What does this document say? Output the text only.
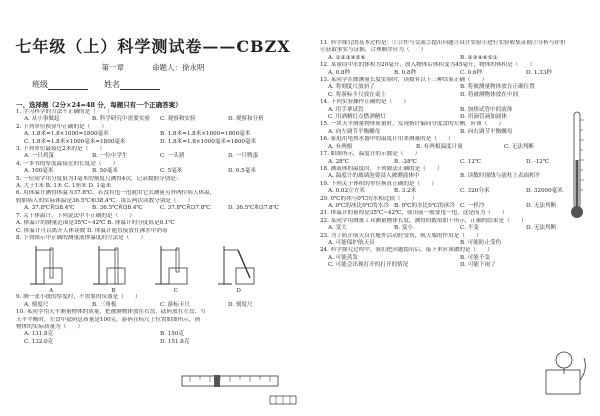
七年级（上）科学测试卷——CBZX
第一章	命题人：徐永明
班级	姓名
一、选择题（2分×24=48 分，每题只有一个正确答案）
1. 学习科学的方法不正确的是（　　）
A. 从小事做起	B. 科学研究中需要实验	C. 观察和实验	D. 观察和分析
2. 下列单位换算中正确的是（　　）
A. 1.8米=1.8×1000=1800毫米	B. 1.8米=1.8米×1000=1800毫米
C. 1.8米=1.8米×1000毫米=1800毫米	D. 1.8米=1.8×1000毫米=1800毫米
3. 下列单位最接近2米的是（　　）
A. 一只鸡蛋	B. 一位中学生	C. 一头猪	D. 一只鸭蛋
4. 一本书的厚度最接近的长度是（　　）
A. 100毫米	B. 50毫米	C. 5毫米	D. 0.5毫米
5. 一位同学用分度值为1毫米的刻度尺测得4次，记录数据分别是：
A. 大于1米 B. 1米 C. 1厘米 D. 1毫米
6. 用体温计测得体温为37.8℃，若没有甩一甩就用它去测量另外两位病人体温，
假如病人的实际体温是36.5℃和38.4℃，那么两次读数分别是（　　）
A. 37.8℃和38.4℃	B. 36.5℃和38.4℃	C. 37.8℃和37.8℃	D. 36.5℃和37.8℃
7. 关于体温计，下列说法中不正确的是（　　）
A. 体温计的测量范围是35℃~42℃ B. 体温计的分度值是0.1℃
C. 体温计可以离开人体读数 D. 体温计能直接放在沸水中消毒
8. 下列图示中正确的测量液体温度的方法是（　　）
A	B	C	D
9. 测一张小纸的厚度时，不需要的仪器是（　　）
A. 刻度尺	B. 三角板	C. 游标卡尺	D. 刻度尺
10. 某同学用天平测量物体的质量，把被测物体放在右盘，砝码放在左盘，当
天平平衡时，左盘中砝码总质量是100克，游码在标尺上位置如图所示，则
物体的实际质量为（　　）
A. 131.8克	B. 150克
C. 132.0克	D. 151.8克
11. 科学探究的基本过程是：①合作与交流②提出问题③设计实验④进行实验收集证据⑤分析与评价
⑥获取事实与证据，合理顺序应为（　　）
A. ①②③④⑤⑥	B. ②③④⑥⑤①
12. 某量筒中水的体积为20毫升，放入物体后体积变为45毫升，物体的体积是（　　）
A. 0.8秒	B. 0.8秒	C. 0.6秒	D. 1.33秒
13. 某同学在做测量长度实验时，读数有以下三种结果正确（　　）
A. 将刻度尺放斜了	B. 将被测量物体放在正确位置
C. 将游标卡尺放在桌上	D. 将被测物体放在中间
14. 下列实验操作正确的是（　　）
A. 用手拿试管	B. 加热试管中的液体
C. 用酒精灯点燃酒精灯	D. 用滴管滴加液体
15. 一块天平测量物体质量时，发现指针偏向分度盘的左侧，应该（　　）
A. 向左调节平衡螺母	B. 向右调节平衡螺母
16. 家庭用电热水器中的温度计用来测量的是（　　）
A. 有两根	B. 有两根温度计量	C. 无法判断
17. 如图所示，温度计的示数是（　　）
A. 28℃	B. -28℃	C. 12℃	D. -12℃
18. 测液体的温度时，下列做法正确的是（　　）
A. 温度计的玻璃泡要浸入被测液体中	B. 读数时视线与液柱上表面相平
19. 下列关于体积的单位换算正确的是（　　）
A. 0.02立方米	B. 3.2米	C. 320分米	D. 32000毫米
20. 0℃的冰与0℃的水相比较（　　）
A. 0℃的冰比0℃的水冷 B. 0℃的水比0℃的冰冷 C. 一样冷	D. 无法判断
21. 体温计的量程是35℃~42℃，使用前一般要甩一甩，这是因为（　　）
22. 某同学用测量工具测量物体长度，测得的数值如下所示，正确的结果是（　　）
A. 变大	B. 变小	C. 不变	D. 无法判断
23. 为了防止航天员在舱外活动时受伤，航天服的作用是（　　）
A. 可能保护航天员	B. 可能防止受伤
24. 科学探究过程中，我们把问题提出后，接下来应该做的是（　　）
A. 可能蒸发	B. 可能不变
C. 可能会出现打开的打开的情况	D. 可能下雨了
